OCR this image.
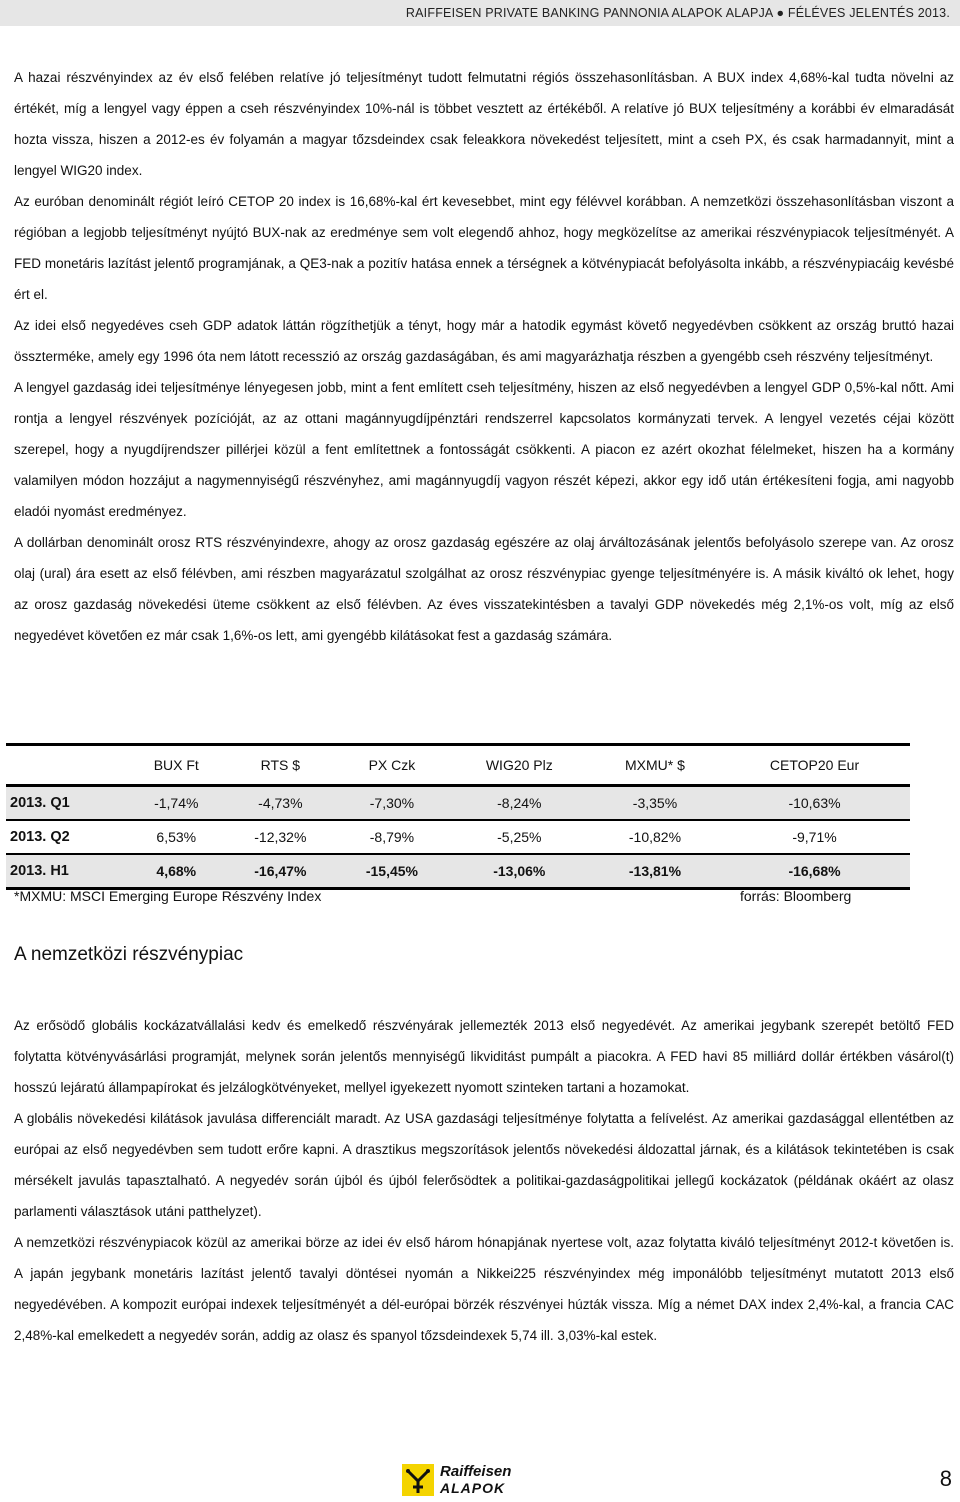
RAIFFEISEN PRIVATE BANKING PANNONIA ALAPOK ALAPJA ● FÉLÉVES JELENTÉS 2013.

A hazai részvényindex az év első felében relatíve jó teljesítményt tudott felmutatni régiós összehasonlításban. A BUX index 4,68%-kal tudta növelni az értékét, míg a lengyel vagy éppen a cseh részvényindex 10%-nál is többet vesztett az értékéből. A relatíve jó BUX teljesítmény a korábbi év elmaradását hozta vissza, hiszen a 2012-es év folyamán a magyar tőzsdeindex csak feleakkora növekedést teljesített, mint a cseh PX, és csak harmadannyit, mint a lengyel WIG20 index.

Az euróban denominált régiót leíró CETOP 20 index is 16,68%-kal ért kevesebbet, mint egy félévvel korábban. A nemzetközi összehasonlításban viszont a régióban a legjobb teljesítményt nyújtó BUX-nak az eredménye sem volt elegendő ahhoz, hogy megközelítse az amerikai részvénypiacok teljesítményét. A FED monetáris lazítást jelentő programjának, a QE3-nak a pozitív hatása ennek a térségnek a kötvénypiacát befolyásolta inkább, a részvénypiacáig kevésbé ért el.

Az idei első negyedéves cseh GDP adatok láttán rögzíthetjük a tényt, hogy már a hatodik egymást követő negyedévben csökkent az ország bruttó hazai össztermékе, amely egy 1996 óta nem látott recesszió az ország gazdaságában, és ami magyarázhatja részben a gyengébb cseh részvény teljesítményt.

A lengyel gazdaság idei teljesítménye lényegesen jobb, mint a fent említett cseh teljesítmény, hiszen az első negyedévben a lengyel GDP 0,5%-kal nőtt. Ami rontja a lengyel részvények pozícióját, az az ottani magánnyugdíjpénztári rendszerrel kapcsolatos kormányzati tervek. A lengyel vezetés céjai között szerepel, hogy a nyugdíjrendszer pillérjei közül a fent említettnek a fontosságát csökkenti. A piacon ez azért okozhat félelmeket, hiszen ha a kormány valamilyen módon hozzájut a nagymennyiségű részvényhez, ami magánnyugdíj vagyon részét képezi, akkor egy idő után értékesíteni fogja, ami nagyobb eladói nyomást eredményez.

A dollárban denominált orosz RTS részvényindexre, ahogy az orosz gazdaság egészére az olaj árváltozásának jelentős befolyásolo szerepe van. Az orosz olaj (ural) ára esett az első félévben, ami részben magyarázatul szolgálhat az orosz részvénypiac gyenge teljesítményére is. A másik kiváltó ok lehet, hogy az orosz gazdaság növekedési üteme csökkent az első félévben. Az éves visszatekintésben a tavalyi GDP növekedés még 2,1%-os volt, míg az első negyedévet követően ez már csak 1,6%-os lett, ami gyengébb kilátásokat fest a gazdaság számára.

	BUX Ft	RTS $	PX Czk	WIG20 Plz	MXMU* $	CETOP20 Eur
2013. Q1	-1,74%	-4,73%	-7,30%	-8,24%	-3,35%	-10,63%
2013. Q2	6,53%	-12,32%	-8,79%	-5,25%	-10,82%	-9,71%
2013. H1	4,68%	-16,47%	-15,45%	-13,06%	-13,81%	-16,68%
*MXMU: MSCI Emerging Europe Részvény Index	forrás: Bloomberg
A nemzetközi részvénypiac

Az erősödő globális kockázatvállalási kedv és emelkedő részvényárak jellemezték 2013 első negyedévét. Az amerikai jegybank szerepét betöltő FED folytatta kötvényvásárlási programját, melynek során jelentős mennyiségű likviditást pumpált a piacokra. A FED havi 85 milliárd dollár értékben vásárol(t) hosszú lejáratú állampapírokat és jelzálogkötvényeket, mellyel igyekezett nyomott szinteken tartani a hozamokat.

A globális növekedési kilátások javulása differenciált maradt. Az USA gazdasági teljesítménye folytatta a felívelést. Az amerikai gazdasággal ellentétben az európai az első negyedévben sem tudott erőre kapni. A drasztikus megszorítások jelentős növekedési áldozattal járnak, és a kilátások tekintetében is csak mérsékelt javulás tapasztalható. A negyedév során újból és újból felerősödtek a politikai-gazdaságpolitikai jellegű kockázatok (példának okáért az olasz parlamenti választások utáni patthelyzet).

A nemzetközi részvénypiacok közül az amerikai börze az idei év első három hónapjának nyertese volt, azaz folytatta kiváló teljesítményt 2012-t követően is. A japán jegybank monetáris lazítást jelentő tavalyi döntései nyomán a Nikkei225 részvényindex még imponálóbb teljesítményt mutatott 2013 első negyedévében. A kompozit európai indexek teljesítményét a dél-európai börzék részvényei húzták vissza. Míg a német DAX index 2,4%-kal, a francia CAC 2,48%-kal emelkedett a negyedév során, addig az olasz és spanyol tőzsdeindexek 5,74 ill. 3,03%-kal estek.

Raiffeisen
ALAPOK	8
